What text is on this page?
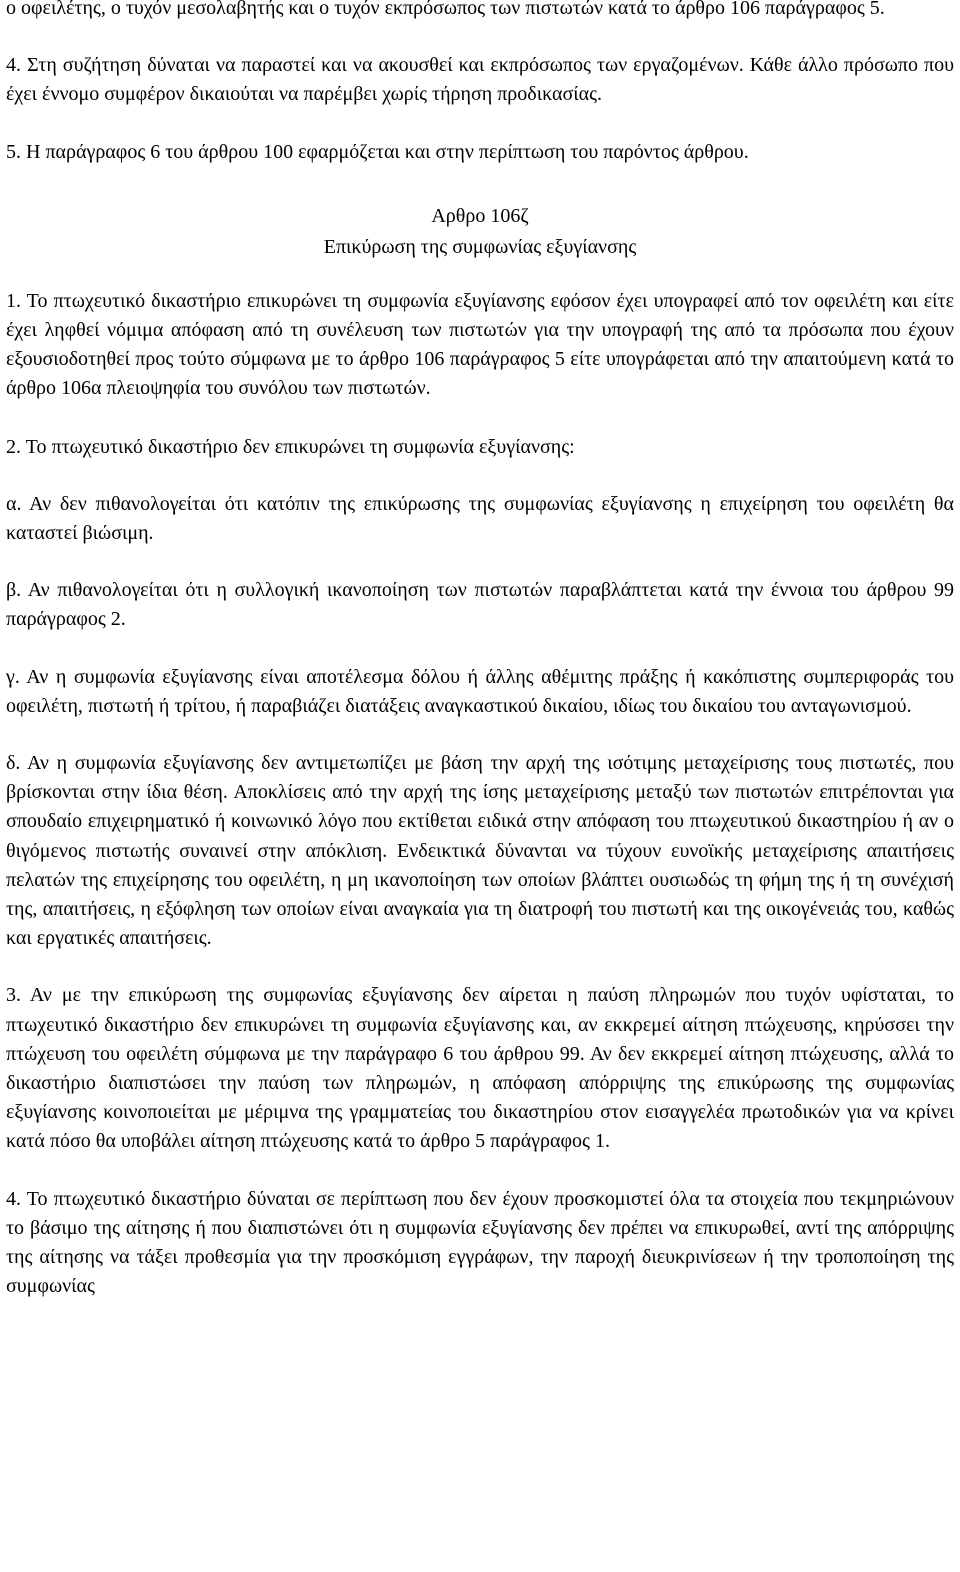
ο οφειλέτης, ο τυχόν μεσολαβητής και ο τυχόν εκπρόσωπος των πιστωτών κατά το άρθρο 106 παράγραφος 5.

4. Στη συζήτηση δύναται να παραστεί και να ακουσθεί και εκπρόσωπος των εργαζομένων. Κάθε άλλο πρόσωπο που έχει έννομο συμφέρον δικαιούται να παρέμβει χωρίς τήρηση προδικασίας.

5. Η παράγραφος 6 του άρθρου 100 εφαρμόζεται και στην περίπτωση του παρόντος άρθρου.

Αρθρο 106ζ

Επικύρωση της συμφωνίας εξυγίανσης

1. Το πτωχευτικό δικαστήριο επικυρώνει τη συμφωνία εξυγίανσης εφόσον έχει υπογραφεί από τον οφειλέτη και είτε έχει ληφθεί νόμιμα απόφαση από τη συνέλευση των πιστωτών για την υπογραφή της από τα πρόσωπα που έχουν εξουσιοδοτηθεί προς τούτο σύμφωνα με το άρθρο 106 παράγραφος 5 είτε υπογράφεται από την απαιτούμενη κατά το άρθρο 106α πλειοψηφία του συνόλου των πιστωτών.

2. Το πτωχευτικό δικαστήριο δεν επικυρώνει τη συμφωνία εξυγίανσης:

α. Αν δεν πιθανολογείται ότι κατόπιν της επικύρωσης της συμφωνίας εξυγίανσης η επιχείρηση του οφειλέτη θα καταστεί βιώσιμη.

β. Αν πιθανολογείται ότι η συλλογική ικανοποίηση των πιστωτών παραβλάπτεται κατά την έννοια του άρθρου 99 παράγραφος 2.

γ. Αν η συμφωνία εξυγίανσης είναι αποτέλεσμα δόλου ή άλλης αθέμιτης πράξης ή κακόπιστης συμπεριφοράς του οφειλέτη, πιστωτή ή τρίτου, ή παραβιάζει διατάξεις αναγκαστικού δικαίου, ιδίως του δικαίου του ανταγωνισμού.

δ. Αν η συμφωνία εξυγίανσης δεν αντιμετωπίζει με βάση την αρχή της ισότιμης μεταχείρισης τους πιστωτές, που βρίσκονται στην ίδια θέση. Αποκλίσεις από την αρχή της ίσης μεταχείρισης μεταξύ των πιστωτών επιτρέπονται για σπουδαίο επιχειρηματικό ή κοινωνικό λόγο που εκτίθεται ειδικά στην απόφαση του πτωχευτικού δικαστηρίου ή αν ο θιγόμενος πιστωτής συναινεί στην απόκλιση. Ενδεικτικά δύνανται να τύχουν ευνοϊκής μεταχείρισης απαιτήσεις πελατών της επιχείρησης του οφειλέτη, η μη ικανοποίηση των οποίων βλάπτει ουσιωδώς τη φήμη της ή τη συνέχισή της, απαιτήσεις, η εξόφληση των οποίων είναι αναγκαία για τη διατροφή του πιστωτή και της οικογένειάς του, καθώς και εργατικές απαιτήσεις.

3. Αν με την επικύρωση της συμφωνίας εξυγίανσης δεν αίρεται η παύση πληρωμών που τυχόν υφίσταται, το πτωχευτικό δικαστήριο δεν επικυρώνει τη συμφωνία εξυγίανσης και, αν εκκρεμεί αίτηση πτώχευσης, κηρύσσει την πτώχευση του οφειλέτη σύμφωνα με την παράγραφο 6 του άρθρου 99. Αν δεν εκκρεμεί αίτηση πτώχευσης, αλλά το δικαστήριο διαπιστώσει την παύση των πληρωμών, η απόφαση απόρριψης της επικύρωσης της συμφωνίας εξυγίανσης κοινοποιείται με μέριμνα της γραμματείας του δικαστηρίου στον εισαγγελέα πρωτοδικών για να κρίνει κατά πόσο θα υποβάλει αίτηση πτώχευσης κατά το άρθρο 5 παράγραφος 1.

4. Το πτωχευτικό δικαστήριο δύναται σε περίπτωση που δεν έχουν προσκομιστεί όλα τα στοιχεία που τεκμηριώνουν το βάσιμο της αίτησης ή που διαπιστώνει ότι η συμφωνία εξυγίανσης δεν πρέπει να επικυρωθεί, αντί της απόρριψης της αίτησης να τάξει προθεσμία για την προσκόμιση εγγράφων, την παροχή διευκρινίσεων ή την τροποποίηση της συμφωνίας
